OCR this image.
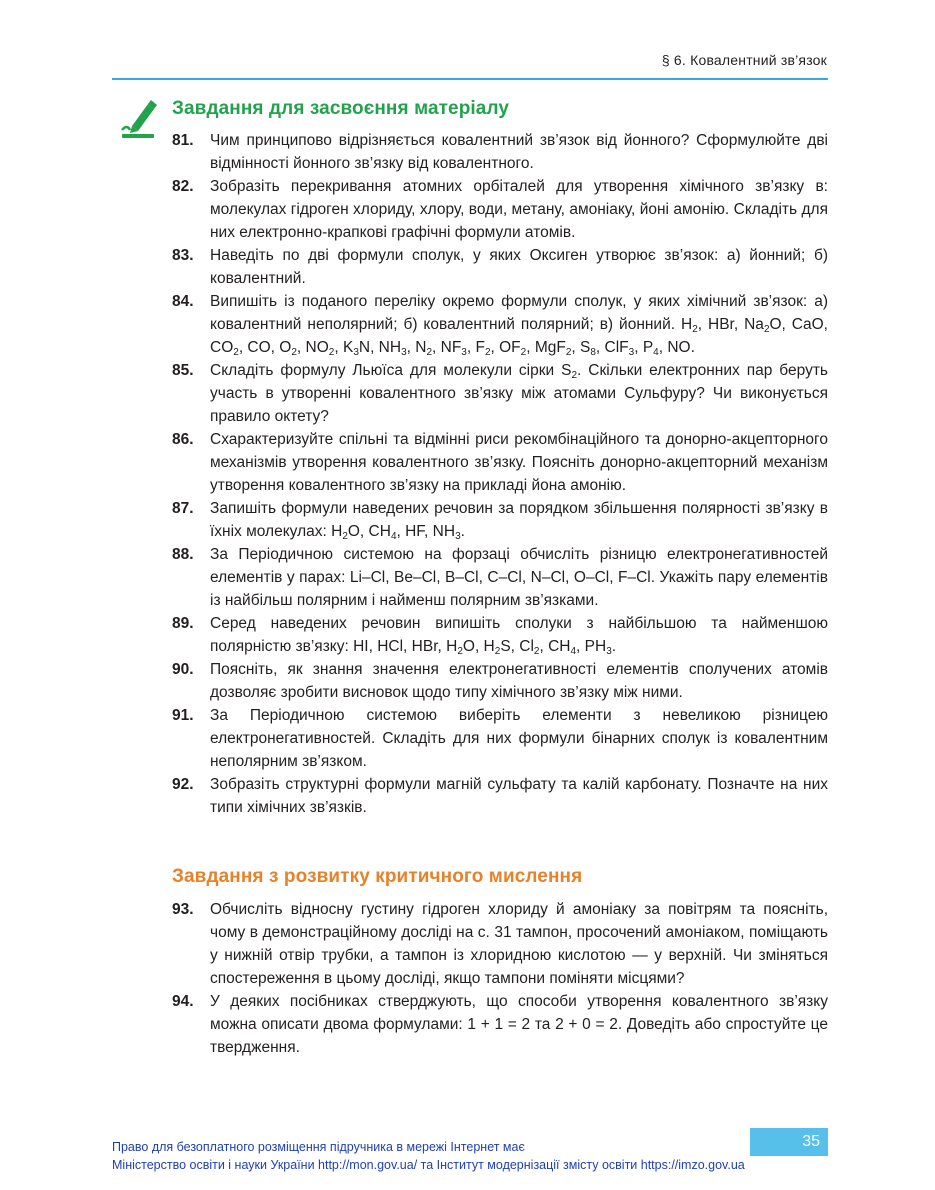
§ 6. Ковалентний зв’язок
Завдання для засвоєння матеріалу
81. Чим принципово відрізняється ковалентний зв’язок від йонного? Сформулюйте дві відмінності йонного зв’язку від ковалентного.
82. Зобразіть перекривання атомних орбіталей для утворення хімічного зв’язку в: молекулах гідроген хлориду, хлору, води, метану, амоніаку, йоні амонію. Складіть для них електронно-крапкові графічні формули атомів.
83. Наведіть по дві формули сполук, у яких Оксиген утворює зв’язок: а) йонний; б) ковалентний.
84. Випишіть із поданого переліку окремо формули сполук, у яких хімічний зв’язок: а) ковалентний неполярний; б) ковалентний полярний; в) йонний. $H_2$, HBr, $Na_2O$, CaO, $CO_2$, CO, $O_2$, $NO_2$, $K_3N$, $NH_3$, $N_2$, $NF_3$, $F_2$, $OF_2$, MgF$_2$, $S_8$, ClF$_3$, $P_4$, NO.
85. Складіть формулу Льюїса для молекули сірки $S_2$. Скільки електронних пар беруть участь в утворенні ковалентного зв’язку між атомами Сульфуру? Чи виконується правило октету?
86. Схарактеризуйте спільні та відмінні риси рекомбінаційного та донорно-акцепторного механізмів утворення ковалентного зв’язку. Поясніть донорно-акцепторний механізм утворення ковалентного зв’язку на прикладі йона амонію.
87. Запишіть формули наведених речовин за порядком збільшення полярності зв’язку в їхніх молекулах: $H_2O$, $CH_4$, HF, $NH_3$.
88. За Періодичною системою на форзаці обчисліть різницю електронегативностей елементів у парах: Li–Cl, Be–Cl, B–Cl, C–Cl, N–Cl, O–Cl, F–Cl. Укажіть пару елементів із найбільш полярним і найменш полярним зв’язками.
89. Серед наведених речовин випишіть сполуки з найбільшою та найменшою полярністю зв’язку: HI, HCl, HBr, $H_2O$, $H_2S$, $Cl_2$, $CH_4$, $PH_3$.
90. Поясніть, як знання значення електронегативності елементів сполучених атомів дозволяє зробити висновок щодо типу хімічного зв’язку між ними.
91. За Періодичною системою виберіть елементи з невеликою різницею електронегативностей. Складіть для них формули бінарних сполук із ковалентним неполярним зв’язком.
92. Зобразіть структурні формули магній сульфату та калій карбонату. Позначте на них типи хімічних зв’язків.
Завдання з розвитку критичного мислення
93. Обчисліть відносну густину гідроген хлориду й амоніаку за повітрям та поясніть, чому в демонстраційному досліді на с. 31 тампон, просочений амоніаком, поміщають у нижній отвір трубки, а тампон із хлоридною кислотою — у верхній. Чи зміняться спостереження в цьому досліді, якщо тампони поміняти місцями?
94. У деяких посібниках стверджують, що способи утворення ковалентного зв’язку можна описати двома формулами: 1 + 1 = 2 та 2 + 0 = 2. Доведіть або спростуйте це твердження.
35
Право для безоплатного розміщення підручника в мережі Інтернет має
Міністерство освіти і науки України http://mon.gov.ua/ та Інститут модернізації змісту освіти https://imzo.gov.ua
